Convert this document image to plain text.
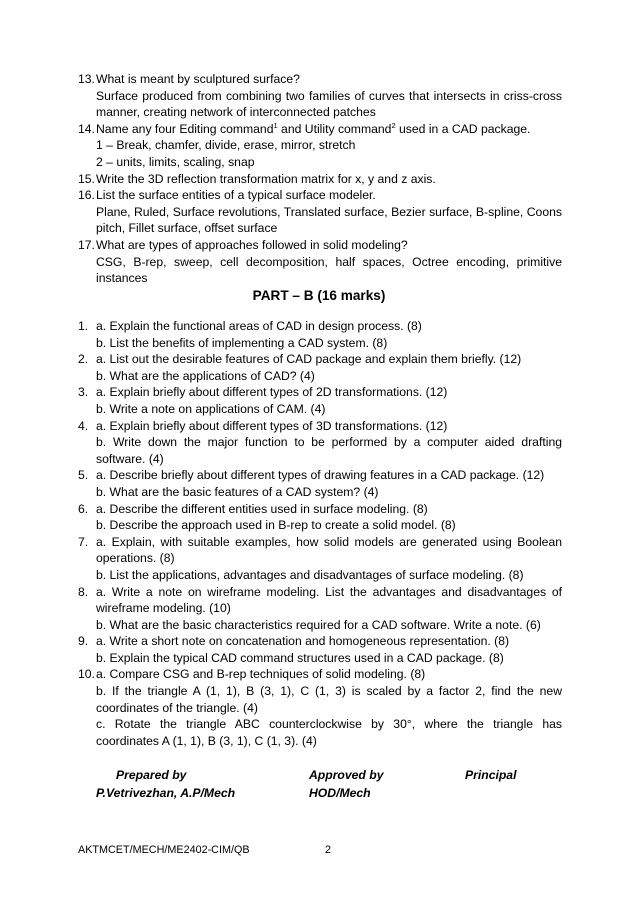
13. What is meant by sculptured surface?
Surface produced from combining two families of curves that intersects in criss-cross manner, creating network of interconnected patches
14. Name any four Editing command$^1$ and Utility command$^2$ used in a CAD package.
1 – Break, chamfer, divide, erase, mirror, stretch
2 – units, limits, scaling, snap
15. Write the 3D reflection transformation matrix for x, y and z axis.
16. List the surface entities of a typical surface modeler.
Plane, Ruled, Surface revolutions, Translated surface, Bezier surface, B-spline, Coons pitch, Fillet surface, offset surface
17. What are types of approaches followed in solid modeling?
CSG, B-rep, sweep, cell decomposition, half spaces, Octree encoding, primitive instances
PART – B (16 marks)
1. a. Explain the functional areas of CAD in design process. (8)
b. List the benefits of implementing a CAD system. (8)
2. a. List out the desirable features of CAD package and explain them briefly. (12)
b. What are the applications of CAD? (4)
3. a. Explain briefly about different types of 2D transformations. (12)
b. Write a note on applications of CAM. (4)
4. a. Explain briefly about different types of 3D transformations. (12)
b. Write down the major function to be performed by a computer aided drafting software. (4)
5. a. Describe briefly about different types of drawing features in a CAD package. (12)
b. What are the basic features of a CAD system? (4)
6. a. Describe the different entities used in surface modeling. (8)
b. Describe the approach used in B-rep to create a solid model. (8)
7. a. Explain, with suitable examples, how solid models are generated using Boolean operations. (8)
b. List the applications, advantages and disadvantages of surface modeling. (8)
8. a. Write a note on wireframe modeling. List the advantages and disadvantages of wireframe modeling. (10)
b. What are the basic characteristics required for a CAD software. Write a note. (6)
9. a. Write a short note on concatenation and homogeneous representation. (8)
b. Explain the typical CAD command structures used in a CAD package. (8)
10. a. Compare CSG and B-rep techniques of solid modeling. (8)
b. If the triangle A (1, 1), B (3, 1), C (1, 3) is scaled by a factor 2, find the new coordinates of the triangle. (4)
c. Rotate the triangle ABC counterclockwise by 30°, where the triangle has coordinates A (1, 1), B (3, 1), C (1, 3). (4)
Prepared by
P.Vetrivezhan, A.P/Mech
Approved by
HOD/Mech
Principal
AKTMCET/MECH/ME2402-CIM/QB	2
